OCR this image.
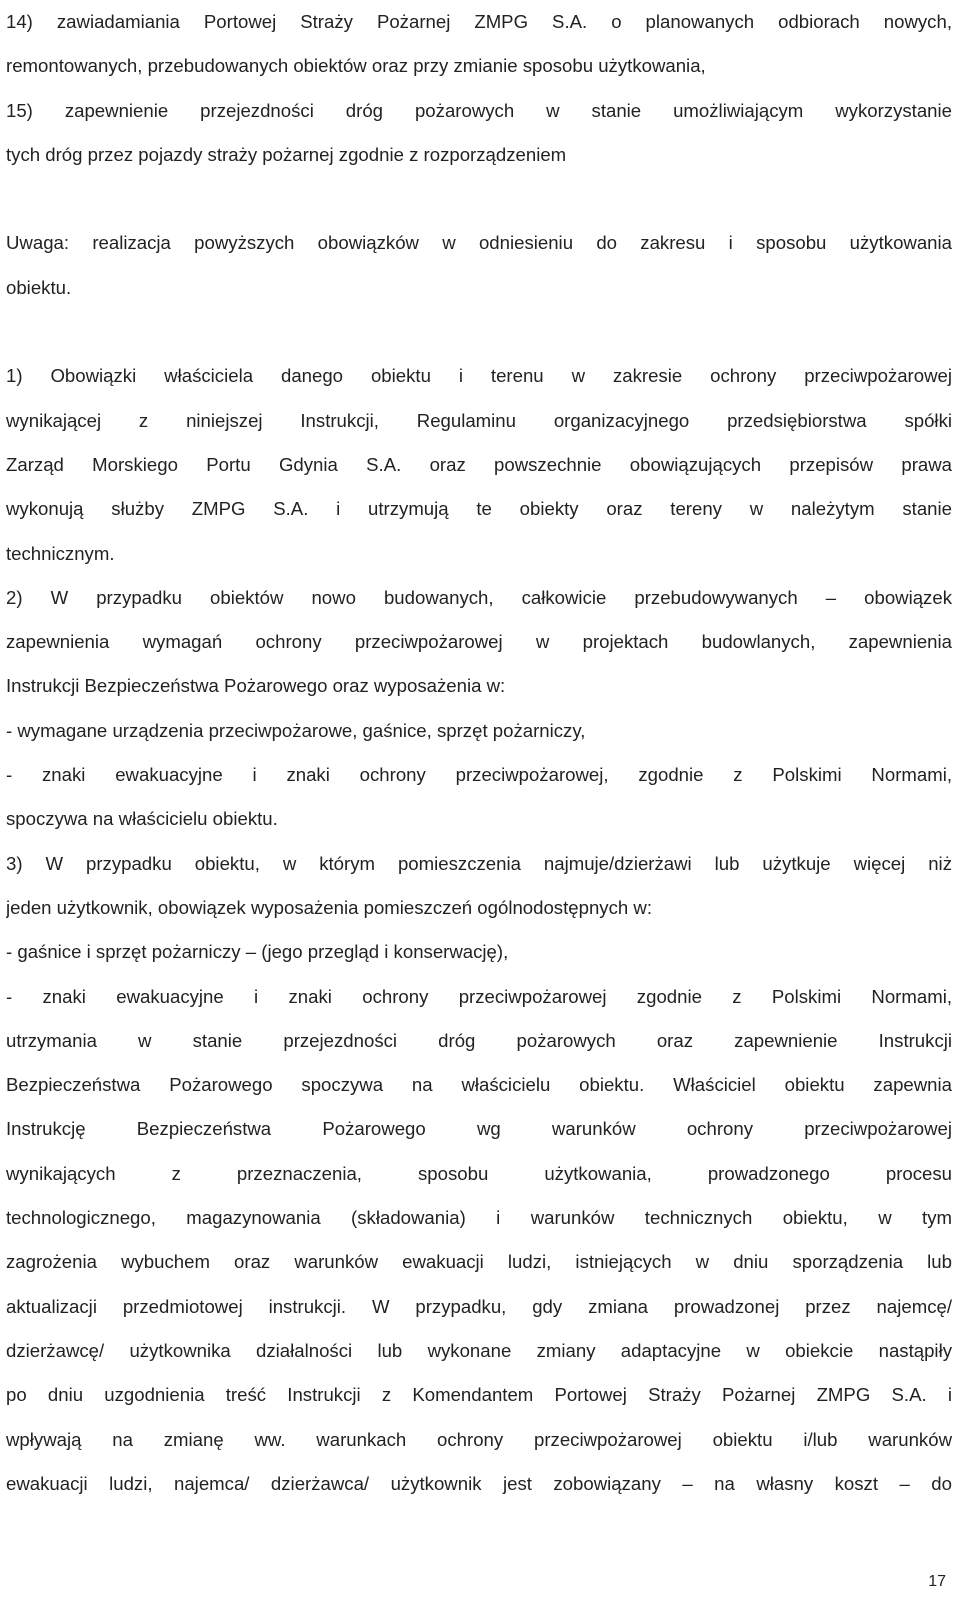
14) zawiadamiania Portowej Straży Pożarnej ZMPG S.A. o planowanych odbiorach nowych,
remontowanych, przebudowanych obiektów oraz przy zmianie sposobu użytkowania,
15) zapewnienie przejezdności dróg pożarowych w stanie umożliwiającym wykorzystanie
tych dróg przez pojazdy straży pożarnej zgodnie z rozporządzeniem
Uwaga: realizacja powyższych obowiązków w odniesieniu do zakresu i sposobu użytkowania
obiektu.
1) Obowiązki właściciela danego obiektu i terenu w zakresie ochrony przeciwpożarowej
wynikającej z niniejszej Instrukcji, Regulaminu organizacyjnego przedsiębiorstwa spółki
Zarząd Morskiego Portu Gdynia S.A. oraz powszechnie obowiązujących przepisów prawa
wykonują służby ZMPG S.A. i utrzymują te obiekty oraz tereny w należytym stanie
technicznym.
2) W przypadku obiektów nowo budowanych, całkowicie przebudowywanych – obowiązek
zapewnienia wymagań ochrony przeciwpożarowej w projektach budowlanych, zapewnienia
Instrukcji Bezpieczeństwa Pożarowego oraz wyposażenia w:
- wymagane urządzenia przeciwpożarowe, gaśnice, sprzęt pożarniczy,
- znaki ewakuacyjne i znaki ochrony przeciwpożarowej, zgodnie z Polskimi Normami,
spoczywa na właścicielu obiektu.
3) W przypadku obiektu, w którym pomieszczenia najmuje/dzierżawi lub użytkuje więcej niż
jeden użytkownik, obowiązek wyposażenia pomieszczeń ogólnodostępnych w:
- gaśnice i sprzęt pożarniczy – (jego przegląd i konserwację),
- znaki ewakuacyjne i znaki ochrony przeciwpożarowej zgodnie z Polskimi Normami,
utrzymania w stanie przejezdności dróg pożarowych oraz zapewnienie Instrukcji
Bezpieczeństwa Pożarowego spoczywa na właścicielu obiektu. Właściciel obiektu zapewnia
Instrukcję Bezpieczeństwa Pożarowego wg warunków ochrony przeciwpożarowej
wynikających z przeznaczenia, sposobu użytkowania, prowadzonego procesu
technologicznego, magazynowania (składowania) i warunków technicznych obiektu, w tym
zagrożenia wybuchem oraz warunków ewakuacji ludzi, istniejących w dniu sporządzenia lub
aktualizacji przedmiotowej instrukcji. W przypadku, gdy zmiana prowadzonej przez najemcę/
dzierżawcę/ użytkownika działalności lub wykonane zmiany adaptacyjne w obiekcie nastąpiły
po dniu uzgodnienia treść Instrukcji z Komendantem Portowej Straży Pożarnej ZMPG S.A. i
wpływają na zmianę ww. warunkach ochrony przeciwpożarowej obiektu i/lub warunków
ewakuacji ludzi, najemca/ dzierżawca/ użytkownik jest zobowiązany – na własny koszt – do
17
